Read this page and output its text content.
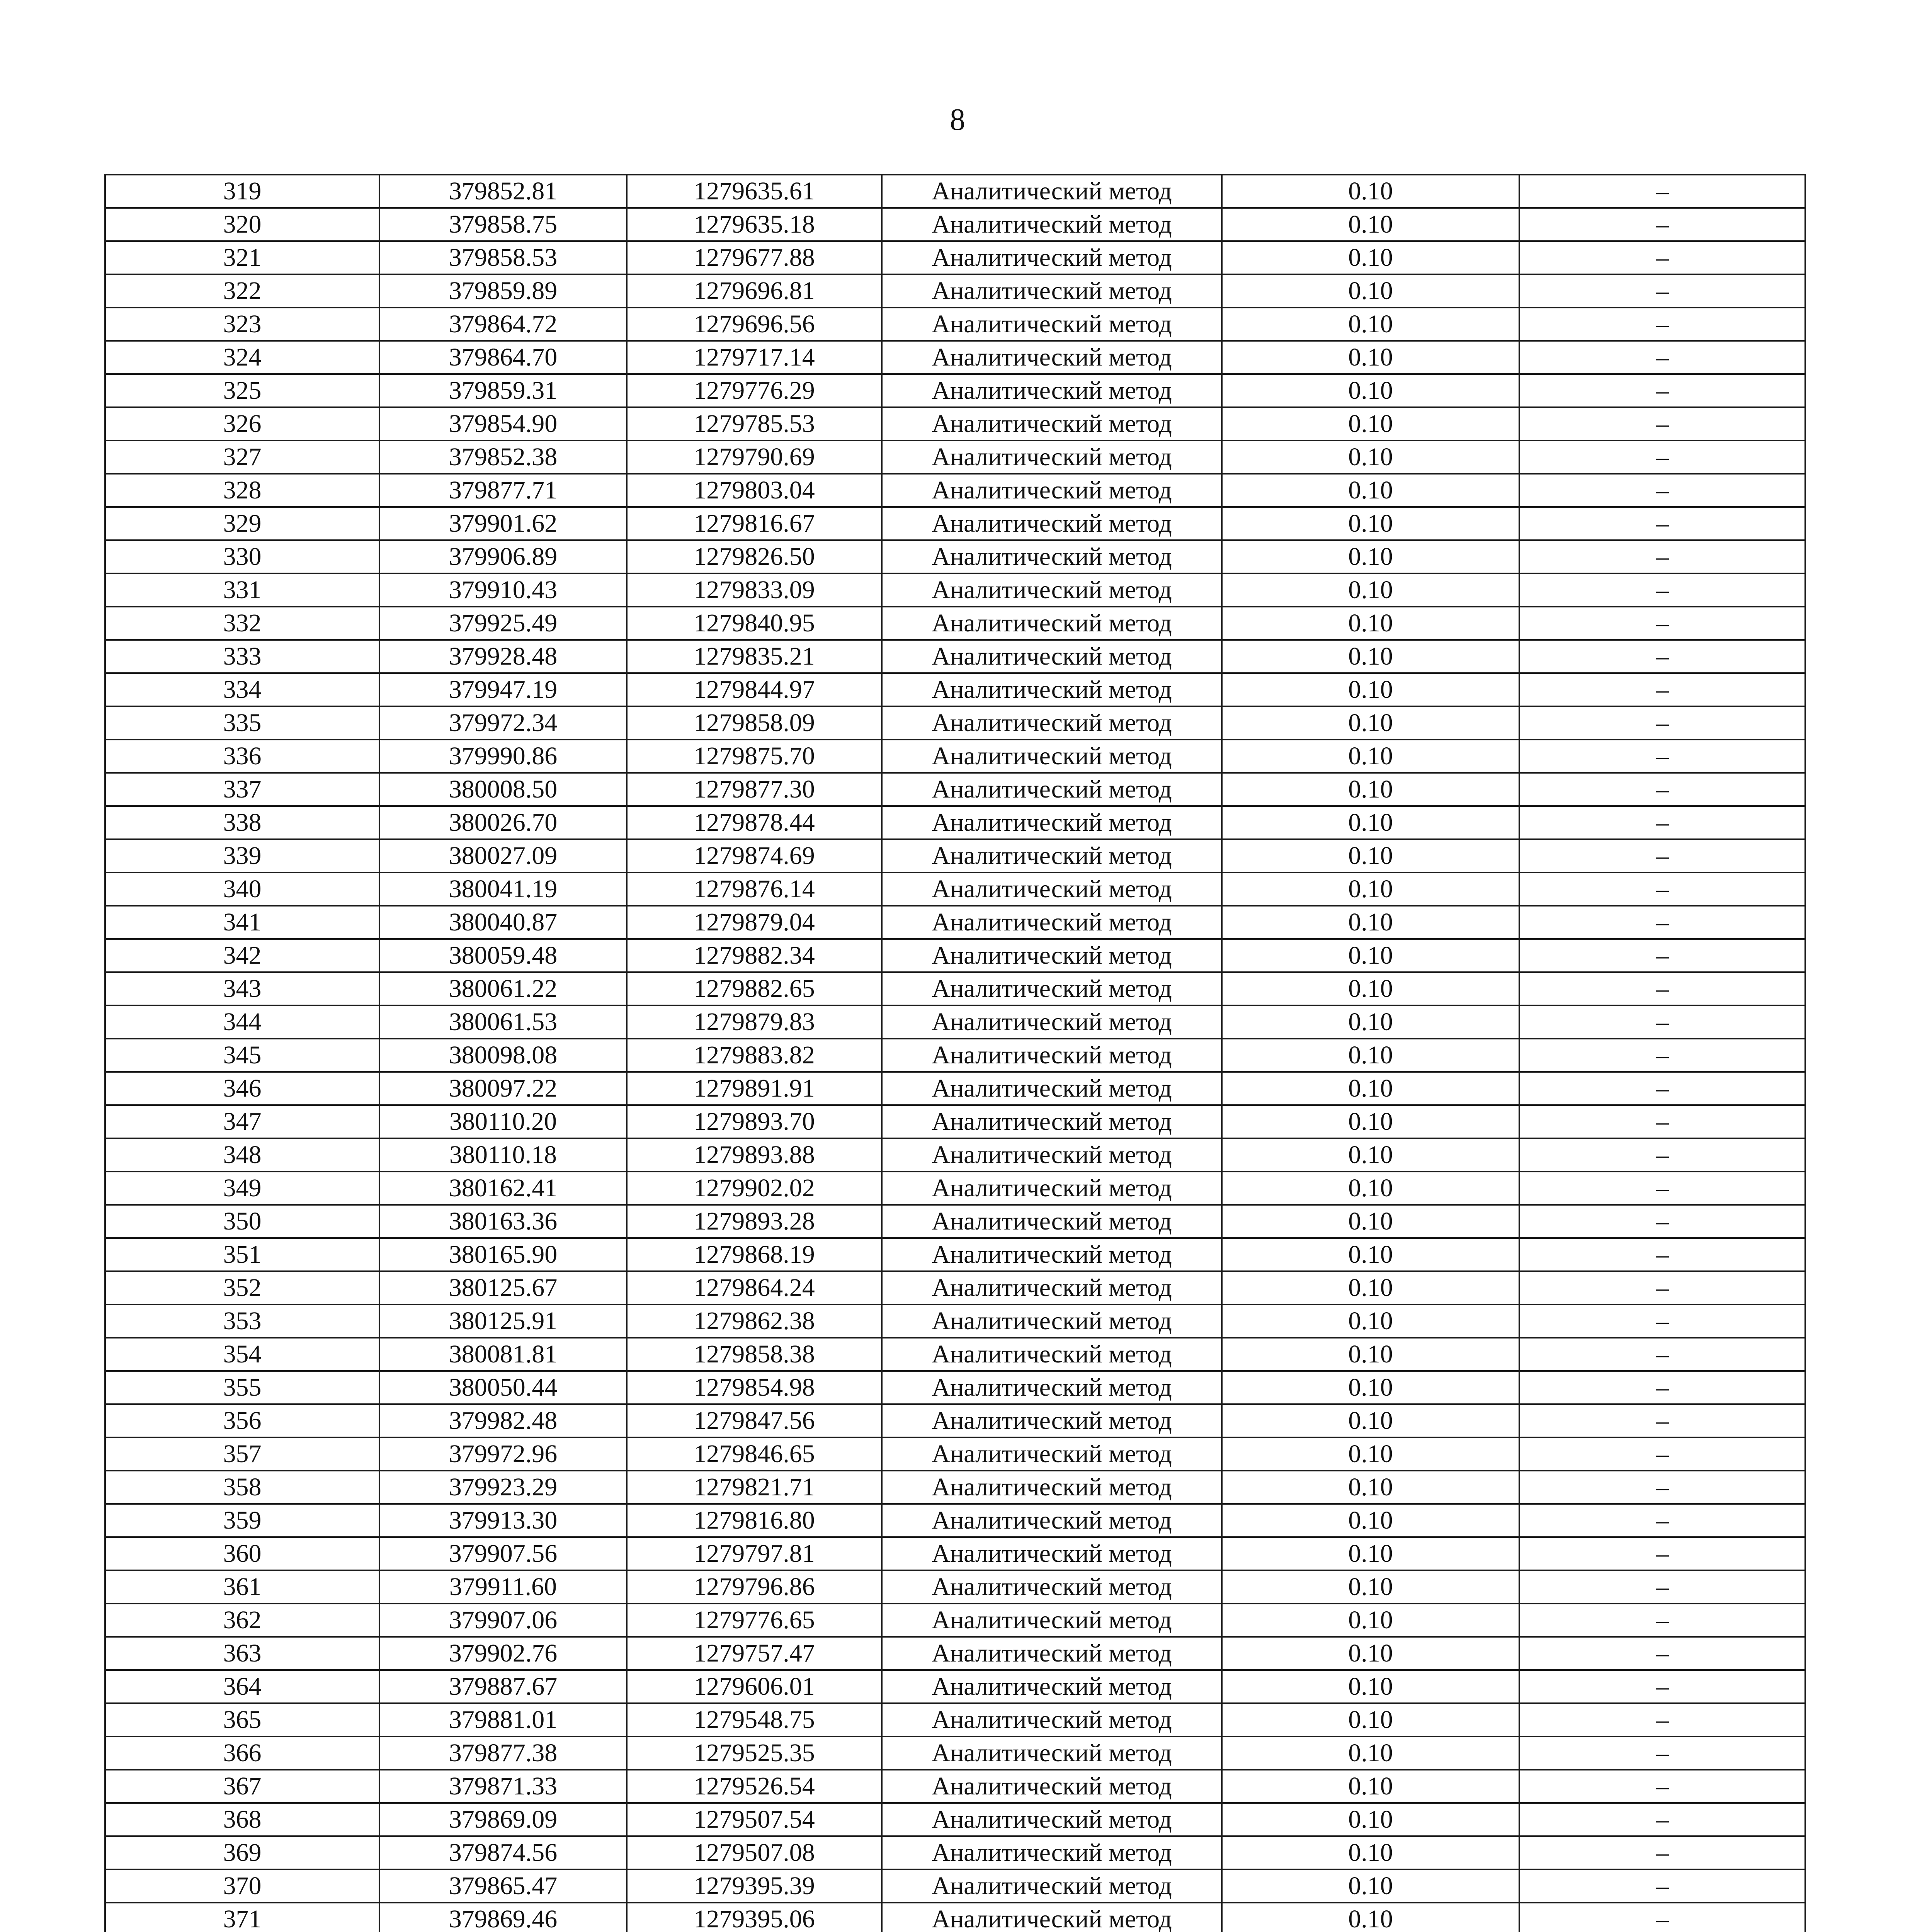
8
319	379852.81	1279635.61	Аналитический метод	0.10	–
320	379858.75	1279635.18	Аналитический метод	0.10	–
321	379858.53	1279677.88	Аналитический метод	0.10	–
322	379859.89	1279696.81	Аналитический метод	0.10	–
323	379864.72	1279696.56	Аналитический метод	0.10	–
324	379864.70	1279717.14	Аналитический метод	0.10	–
325	379859.31	1279776.29	Аналитический метод	0.10	–
326	379854.90	1279785.53	Аналитический метод	0.10	–
327	379852.38	1279790.69	Аналитический метод	0.10	–
328	379877.71	1279803.04	Аналитический метод	0.10	–
329	379901.62	1279816.67	Аналитический метод	0.10	–
330	379906.89	1279826.50	Аналитический метод	0.10	–
331	379910.43	1279833.09	Аналитический метод	0.10	–
332	379925.49	1279840.95	Аналитический метод	0.10	–
333	379928.48	1279835.21	Аналитический метод	0.10	–
334	379947.19	1279844.97	Аналитический метод	0.10	–
335	379972.34	1279858.09	Аналитический метод	0.10	–
336	379990.86	1279875.70	Аналитический метод	0.10	–
337	380008.50	1279877.30	Аналитический метод	0.10	–
338	380026.70	1279878.44	Аналитический метод	0.10	–
339	380027.09	1279874.69	Аналитический метод	0.10	–
340	380041.19	1279876.14	Аналитический метод	0.10	–
341	380040.87	1279879.04	Аналитический метод	0.10	–
342	380059.48	1279882.34	Аналитический метод	0.10	–
343	380061.22	1279882.65	Аналитический метод	0.10	–
344	380061.53	1279879.83	Аналитический метод	0.10	–
345	380098.08	1279883.82	Аналитический метод	0.10	–
346	380097.22	1279891.91	Аналитический метод	0.10	–
347	380110.20	1279893.70	Аналитический метод	0.10	–
348	380110.18	1279893.88	Аналитический метод	0.10	–
349	380162.41	1279902.02	Аналитический метод	0.10	–
350	380163.36	1279893.28	Аналитический метод	0.10	–
351	380165.90	1279868.19	Аналитический метод	0.10	–
352	380125.67	1279864.24	Аналитический метод	0.10	–
353	380125.91	1279862.38	Аналитический метод	0.10	–
354	380081.81	1279858.38	Аналитический метод	0.10	–
355	380050.44	1279854.98	Аналитический метод	0.10	–
356	379982.48	1279847.56	Аналитический метод	0.10	–
357	379972.96	1279846.65	Аналитический метод	0.10	–
358	379923.29	1279821.71	Аналитический метод	0.10	–
359	379913.30	1279816.80	Аналитический метод	0.10	–
360	379907.56	1279797.81	Аналитический метод	0.10	–
361	379911.60	1279796.86	Аналитический метод	0.10	–
362	379907.06	1279776.65	Аналитический метод	0.10	–
363	379902.76	1279757.47	Аналитический метод	0.10	–
364	379887.67	1279606.01	Аналитический метод	0.10	–
365	379881.01	1279548.75	Аналитический метод	0.10	–
366	379877.38	1279525.35	Аналитический метод	0.10	–
367	379871.33	1279526.54	Аналитический метод	0.10	–
368	379869.09	1279507.54	Аналитический метод	0.10	–
369	379874.56	1279507.08	Аналитический метод	0.10	–
370	379865.47	1279395.39	Аналитический метод	0.10	–
371	379869.46	1279395.06	Аналитический метод	0.10	–
